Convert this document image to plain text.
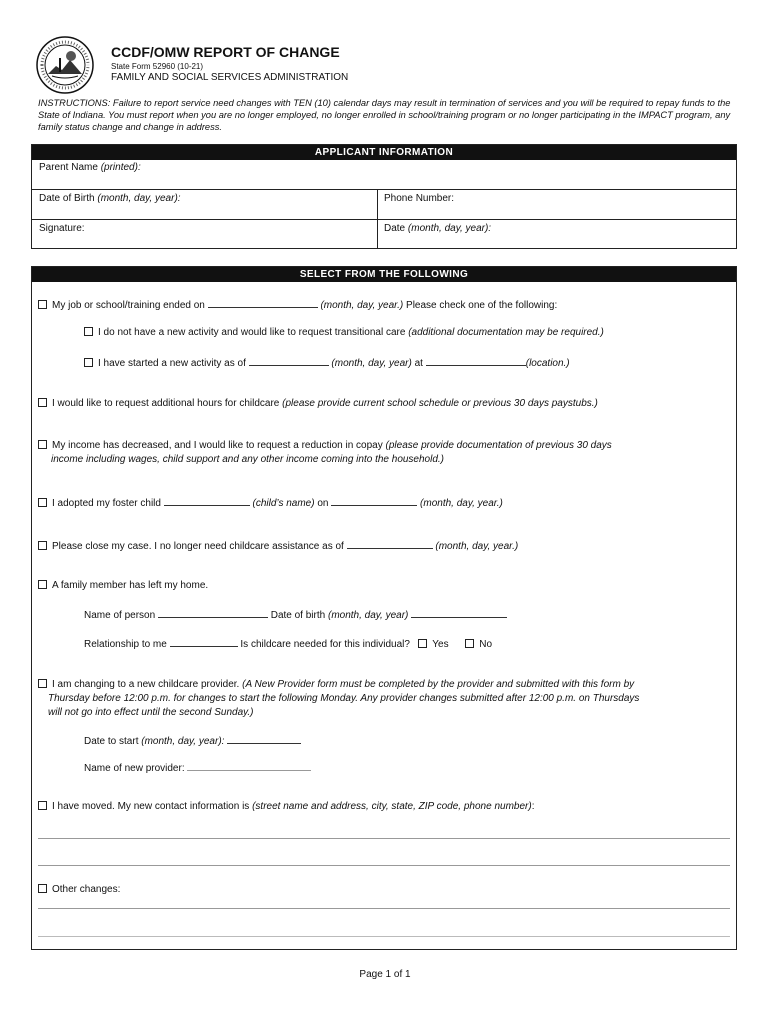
CCDF/OMW REPORT OF CHANGE
State Form 52960 (10-21)
FAMILY AND SOCIAL SERVICES ADMINISTRATION
INSTRUCTIONS: Failure to report service need changes with TEN (10) calendar days may result in termination of services and you will be required to repay funds to the State of Indiana. You must report when you are no longer employed, no longer enrolled in school/training program or no longer participating in the IMPACT program, any family status change and change in address.
APPLICANT INFORMATION
Parent Name (printed):
Date of Birth (month, day, year):	Phone Number:
Signature:	Date (month, day, year):
SELECT FROM THE FOLLOWING
My job or school/training ended on	(month, day, year.) Please check one of the following:
I do not have a new activity and would like to request transitional care (additional documentation may be required.)
I have started a new activity as of	(month, day, year) at	(location.)
I would like to request additional hours for childcare (please provide current school schedule or previous 30 days paystubs.)
My income has decreased, and I would like to request a reduction in copay (please provide documentation of previous 30 days
income including wages, child support and any other income coming into the household.)
I adopted my foster child	(child’s name) on	(month, day, year.)
Please close my case. I no longer need childcare assistance as of	(month, day, year.)
A family member has left my home.
Name of person	Date of birth (month, day, year)
Relationship to me	Is childcare needed for this individual? Yes	No
I am changing to a new childcare provider. (A New Provider form must be completed by the provider and submitted with this form by
Thursday before 12:00 p.m. for changes to start the following Monday. Any provider changes submitted after 12:00 p.m. on Thursdays
will not go into effect until the second Sunday.)
Date to start (month, day, year):
Name of new provider:
I have moved. My new contact information is (street name and address, city, state, ZIP code, phone number):
Other changes:
Page 1 of 1
